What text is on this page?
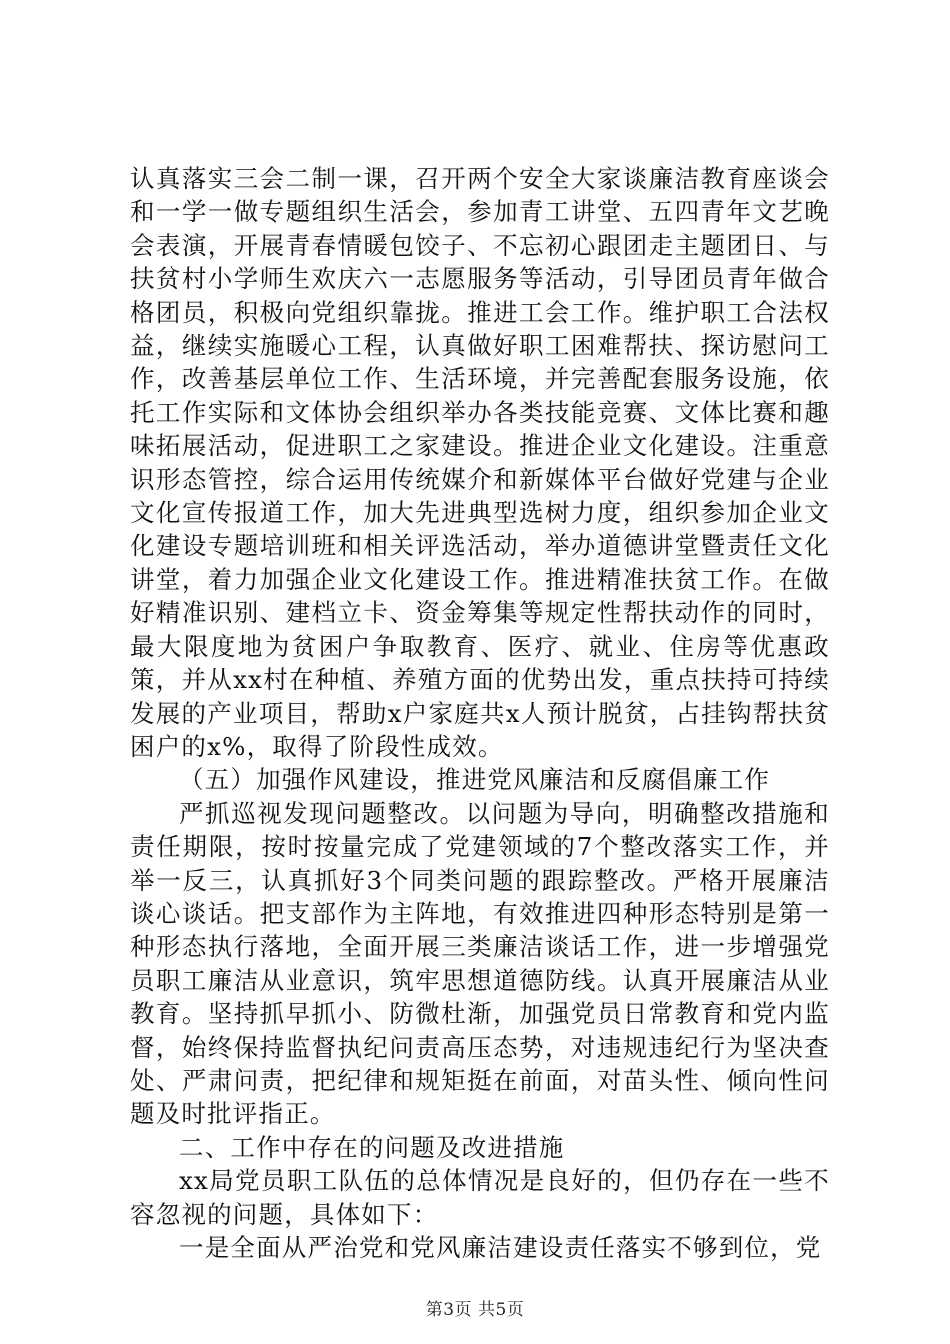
认真落实三会二制一课，召开两个安全大家谈廉洁教育座谈会和一学一做专题组织生活会，参加青工讲堂、五四青年文艺晚会表演，开展青春情暖包饺子、不忘初心跟团走主题团日、与扶贫村小学师生欢庆六一志愿服务等活动，引导团员青年做合格团员，积极向党组织靠拢。推进工会工作。维护职工合法权益，继续实施暖心工程，认真做好职工困难帮扶、探访慰问工作，改善基层单位工作、生活环境，并完善配套服务设施，依托工作实际和文体协会组织举办各类技能竞赛、文体比赛和趣味拓展活动，促进职工之家建设。推进企业文化建设。注重意识形态管控，综合运用传统媒介和新媒体平台做好党建与企业文化宣传报道工作，加大先进典型选树力度，组织参加企业文化建设专题培训班和相关评选活动，举办道德讲堂暨责任文化讲堂，着力加强企业文化建设工作。推进精准扶贫工作。在做好精准识别、建档立卡、资金筹集等规定性帮扶动作的同时，最大限度地为贫困户争取教育、医疗、就业、住房等优惠政策，并从xx村在种植、养殖方面的优势出发，重点扶持可持续发展的产业项目，帮助x户家庭共x人预计脱贫，占挂钩帮扶贫困户的x%，取得了阶段性成效。

（五）加强作风建设，推进党风廉洁和反腐倡廉工作

严抓巡视发现问题整改。以问题为导向，明确整改措施和责任期限，按时按量完成了党建领域的7个整改落实工作，并举一反三，认真抓好3个同类问题的跟踪整改。严格开展廉洁谈心谈话。把支部作为主阵地，有效推进四种形态特别是第一种形态执行落地，全面开展三类廉洁谈话工作，进一步增强党员职工廉洁从业意识，筑牢思想道德防线。认真开展廉洁从业教育。坚持抓早抓小、防微杜渐，加强党员日常教育和党内监督，始终保持监督执纪问责高压态势，对违规违纪行为坚决查处、严肃问责，把纪律和规矩挺在前面，对苗头性、倾向性问题及时批评指正。

二、工作中存在的问题及改进措施

xx局党员职工队伍的总体情况是良好的，但仍存在一些不容忽视的问题，具体如下：

一是全面从严治党和党风廉洁建设责任落实不够到位，党

第3页 共5页
